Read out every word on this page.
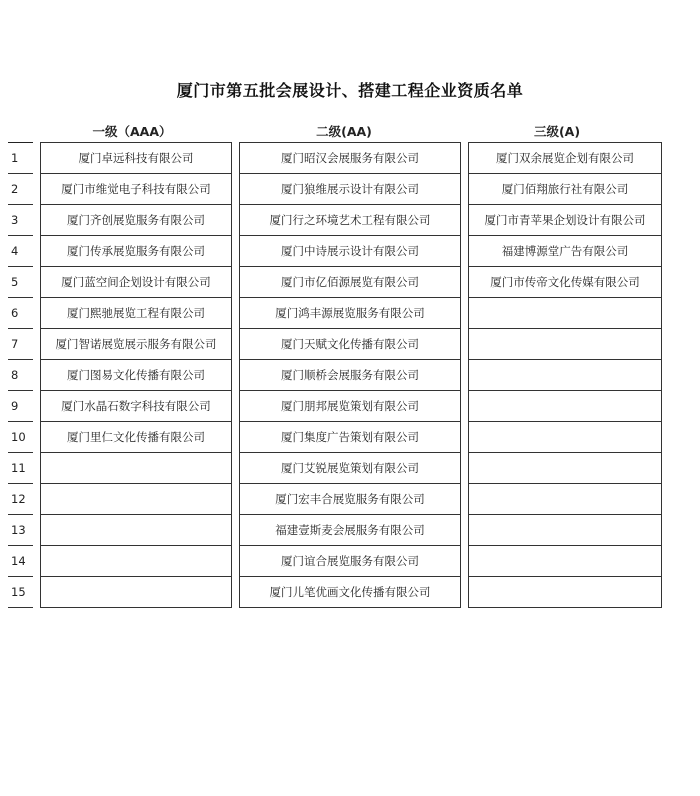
厦门市第五批会展设计、搭建工程企业资质名单
一级（AAA）	二级(AA)	三级(A)
1		厦门卓远科技有限公司		厦门昭汉会展服务有限公司		厦门双余展览企划有限公司
2		厦门市维觉电子科技有限公司		厦门狼维展示设计有限公司		厦门佰翔旅行社有限公司
3		厦门齐创展览服务有限公司		厦门行之环境艺术工程有限公司		厦门市青苹果企划设计有限公司
4		厦门传承展览服务有限公司		厦门中诗展示设计有限公司		福建博源堂广告有限公司
5		厦门蓝空间企划设计有限公司		厦门市亿佰源展览有限公司		厦门市传帝文化传媒有限公司
6		厦门熙驰展览工程有限公司		厦门鸿丰源展览服务有限公司		
7		厦门智诺展览展示服务有限公司		厦门天赋文化传播有限公司		
8		厦门图易文化传播有限公司		厦门顺桥会展服务有限公司		
9		厦门水晶石数字科技有限公司		厦门朋邦展览策划有限公司		
10		厦门里仁文化传播有限公司		厦门集度广告策划有限公司		
11				厦门艾锐展览策划有限公司		
12				厦门宏丰合展览服务有限公司		
13				福建壹斯麦会展服务有限公司		
14				厦门谊合展览服务有限公司		
15				厦门儿笔优画文化传播有限公司		
